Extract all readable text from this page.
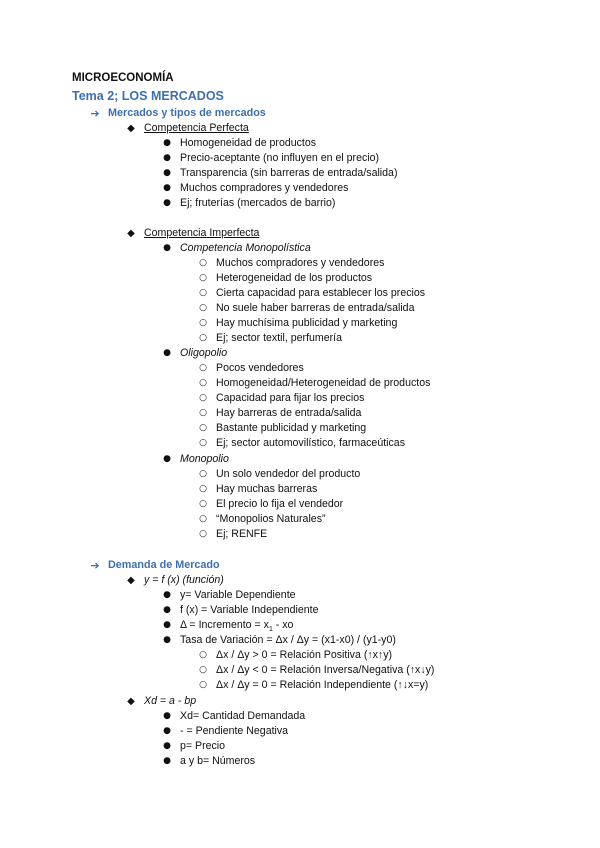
MICROECONOMÍA
Tema 2; LOS MERCADOS
➔ Mercados y tipos de mercados
◆ Competencia Perfecta
● Homogeneidad de productos
● Precio-aceptante (no influyen en el precio)
● Transparencia (sin barreras de entrada/salida)
● Muchos compradores y vendedores
● Ej; fruterías (mercados de barrio)
◆ Competencia Imperfecta
● Competencia Monopolística
○ Muchos compradores y vendedores
○ Heterogeneidad de los productos
○ Cierta capacidad para establecer los precios
○ No suele haber barreras de entrada/salida
○ Hay muchísima publicidad y marketing
○ Ej; sector textil, perfumería
● Oligopolio
○ Pocos vendedores
○ Homogeneidad/Heterogeneidad de productos
○ Capacidad para fijar los precios
○ Hay barreras de entrada/salida
○ Bastante publicidad y marketing
○ Ej; sector automovilístico, farmaceúticas
● Monopolio
○ Un solo vendedor del producto
○ Hay muchas barreras
○ El precio lo fija el vendedor
○ “Monopolios Naturales”
○ Ej; RENFE
➔ Demanda de Mercado
◆ y = f (x) (función)
● y= Variable Dependiente
● f (x) = Variable Independiente
● Δ = Incremento = $x_1$ - xo
● Tasa de Variación = Δx / Δy = (x1-x0) / (y1-y0)
○ Δx / Δy > 0 = Relación Positiva (↑x↑y)
○ Δx / Δy < 0 = Relación Inversa/Negativa (↑x↓y)
○ Δx / Δy = 0 = Relación Independiente (↑↓x=y)
◆ Xd = a - bp
● Xd= Cantidad Demandada
● - = Pendiente Negativa
● p= Precio
● a y b= Números
